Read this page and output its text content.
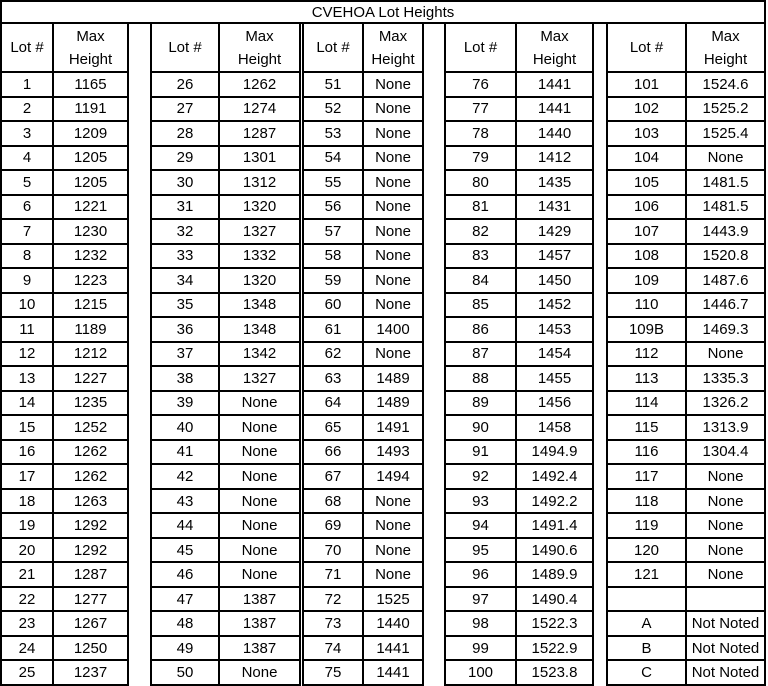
CVEHOA Lot Heights
Lot #
Max
Height
1	1165
2	1191
3	1209
4	1205
5	1205
6	1221
7	1230
8	1232
9	1223
10	1215
11	1189
12	1212
13	1227
14	1235
15	1252
16	1262
17	1262
18	1263
19	1292
20	1292
21	1287
22	1277
23	1267
24	1250
25	1237
Lot #
Max
Height
26	1262
27	1274
28	1287
29	1301
30	1312
31	1320
32	1327
33	1332
34	1320
35	1348
36	1348
37	1342
38	1327
39	None
40	None
41	None
42	None
43	None
44	None
45	None
46	None
47	1387
48	1387
49	1387
50	None
Lot #
Max
Height
51	None
52	None
53	None
54	None
55	None
56	None
57	None
58	None
59	None
60	None
61	1400
62	None
63	1489
64	1489
65	1491
66	1493
67	1494
68	None
69	None
70	None
71	None
72	1525
73	1440
74	1441
75	1441
Lot #
Max
Height
76	1441
77	1441
78	1440
79	1412
80	1435
81	1431
82	1429
83	1457
84	1450
85	1452
86	1453
87	1454
88	1455
89	1456
90	1458
91	1494.9
92	1492.4
93	1492.2
94	1491.4
95	1490.6
96	1489.9
97	1490.4
98	1522.3
99	1522.9
100	1523.8
Lot #
Max
Height
101	1524.6
102	1525.2
103	1525.4
104	None
105	1481.5
106	1481.5
107	1443.9
108	1520.8
109	1487.6
110	1446.7
109B	1469.3
112	None
113	1335.3
114	1326.2
115	1313.9
116	1304.4
117	None
118	None
119	None
120	None
121	None
A	Not Noted
B	Not Noted
C	Not Noted
